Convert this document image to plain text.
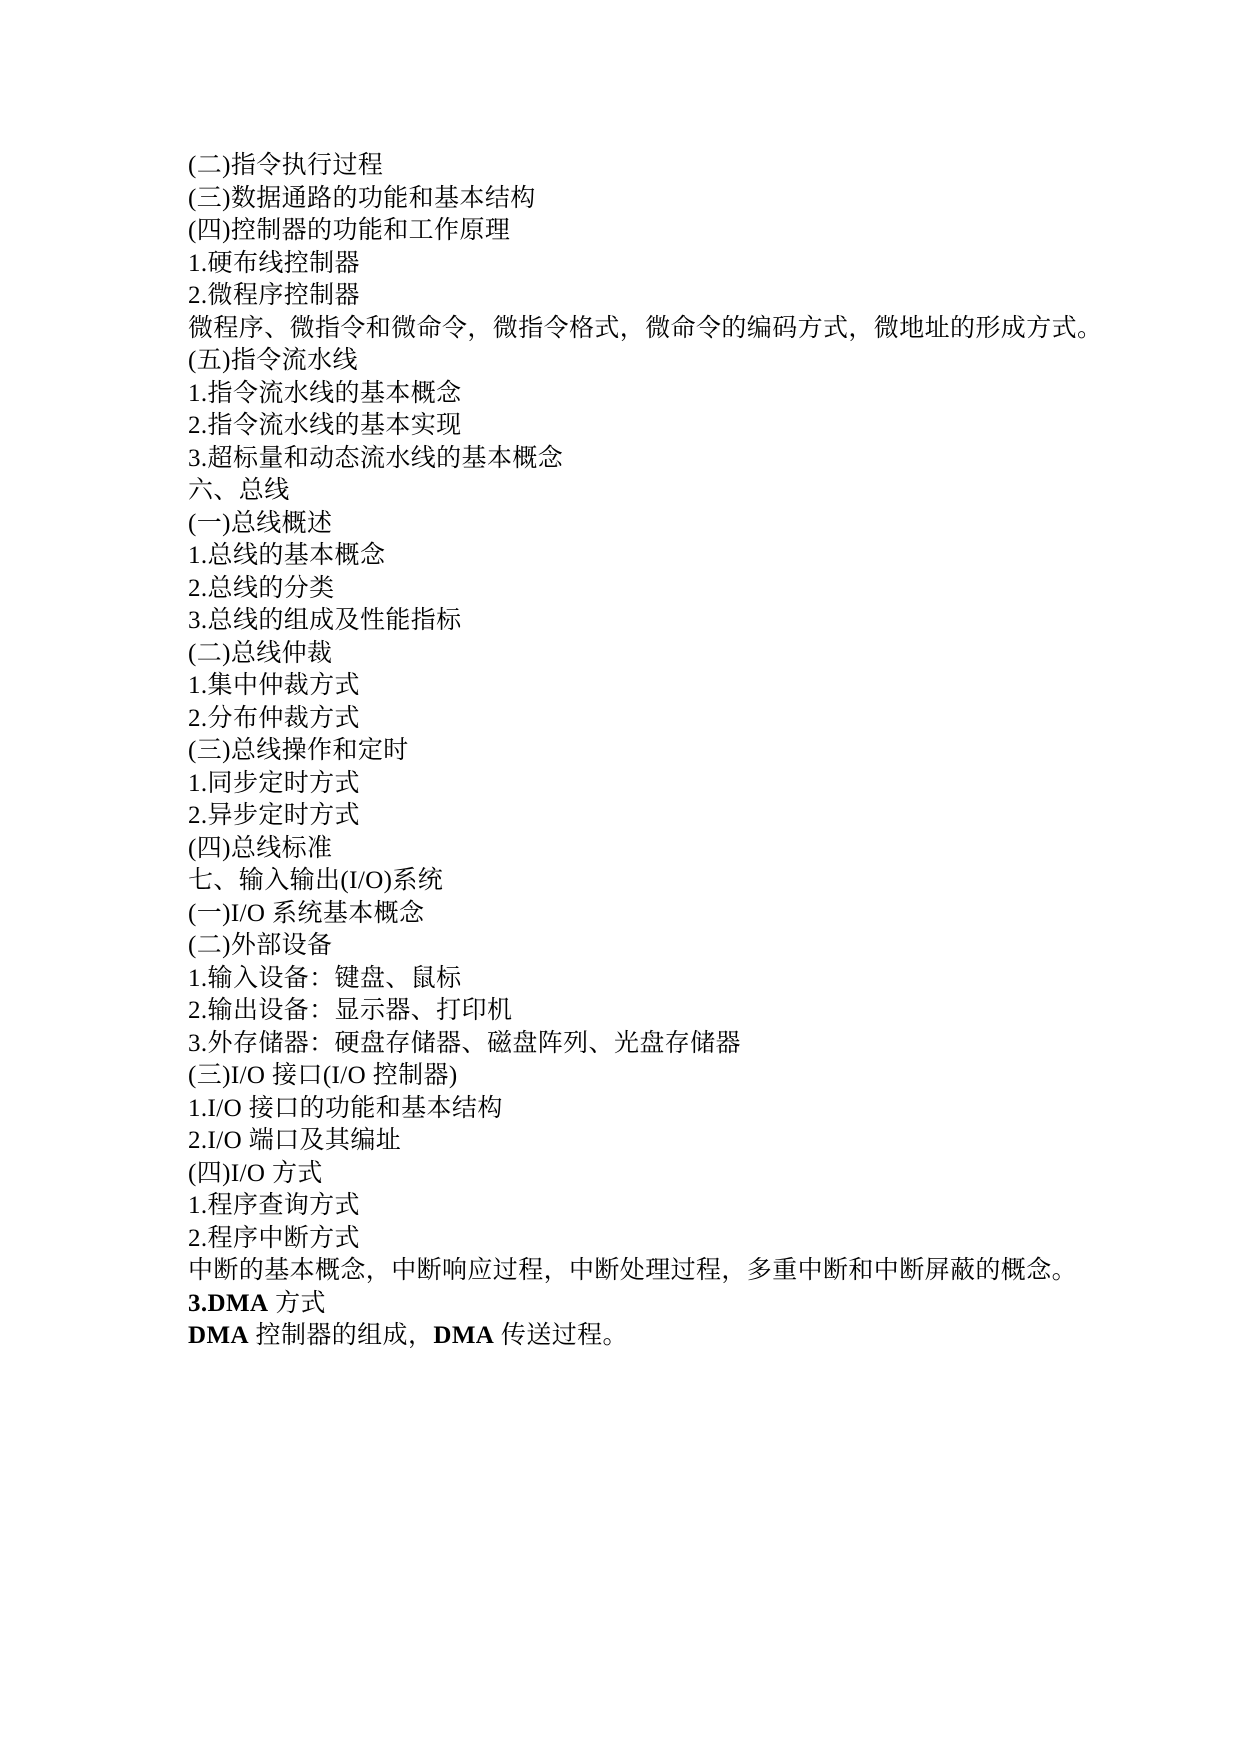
(二)指令执行过程
(三)数据通路的功能和基本结构
(四)控制器的功能和工作原理
1.硬布线控制器
2.微程序控制器
微程序、微指令和微命令，微指令格式，微命令的编码方式，微地址的形成方式。
(五)指令流水线
1.指令流水线的基本概念
2.指令流水线的基本实现
3.超标量和动态流水线的基本概念
六、总线
(一)总线概述
1.总线的基本概念
2.总线的分类
3.总线的组成及性能指标
(二)总线仲裁
1.集中仲裁方式
2.分布仲裁方式
(三)总线操作和定时
1.同步定时方式
2.异步定时方式
(四)总线标准
七、输入输出(I/O)系统
(一)I/O 系统基本概念
(二)外部设备
1.输入设备：键盘、鼠标
2.输出设备：显示器、打印机
3.外存储器：硬盘存储器、磁盘阵列、光盘存储器
(三)I/O 接口(I/O 控制器)
1.I/O 接口的功能和基本结构
2.I/O 端口及其编址
(四)I/O 方式
1.程序查询方式
2.程序中断方式
中断的基本概念，中断响应过程，中断处理过程，多重中断和中断屏蔽的概念。
3.DMA 方式
DMA 控制器的组成，DMA 传送过程。
